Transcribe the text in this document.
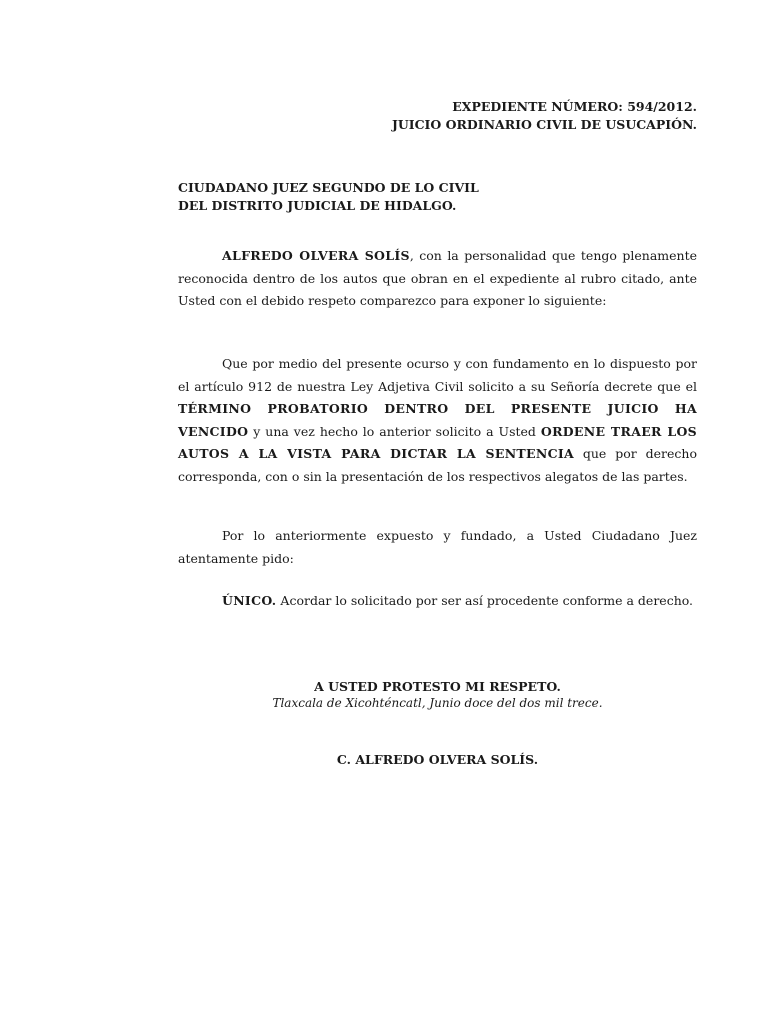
EXPEDIENTE NÚMERO: 594/2012.
JUICIO ORDINARIO CIVIL DE USUCAPIÓN.
CIUDADANO JUEZ SEGUNDO DE LO CIVIL
DEL DISTRITO JUDICIAL DE HIDALGO.

ALFREDO OLVERA SOLÍS, con la personalidad que tengo plenamente reconocida dentro de los autos que obran en el expediente al rubro citado, ante Usted con el debido respeto comparezco para exponer lo siguiente:

Que por medio del presente ocurso y con fundamento en lo dispuesto por el artículo 912 de nuestra Ley Adjetiva Civil solicito a su Señoría decrete que el TÉRMINO PROBATORIO DENTRO DEL PRESENTE JUICIO HA VENCIDO y una vez hecho lo anterior solicito a Usted ORDENE TRAER LOS AUTOS A LA VISTA PARA DICTAR LA SENTENCIA que por derecho corresponda, con o sin la presentación de los respectivos alegatos de las partes.

Por lo anteriormente expuesto y fundado, a Usted Ciudadano Juez atentamente pido:

ÚNICO. Acordar lo solicitado por ser así procedente conforme a derecho.

A USTED PROTESTO MI RESPETO.
Tlaxcala de Xicohténcatl, Junio doce del dos mil trece.
C. ALFREDO OLVERA SOLÍS.
